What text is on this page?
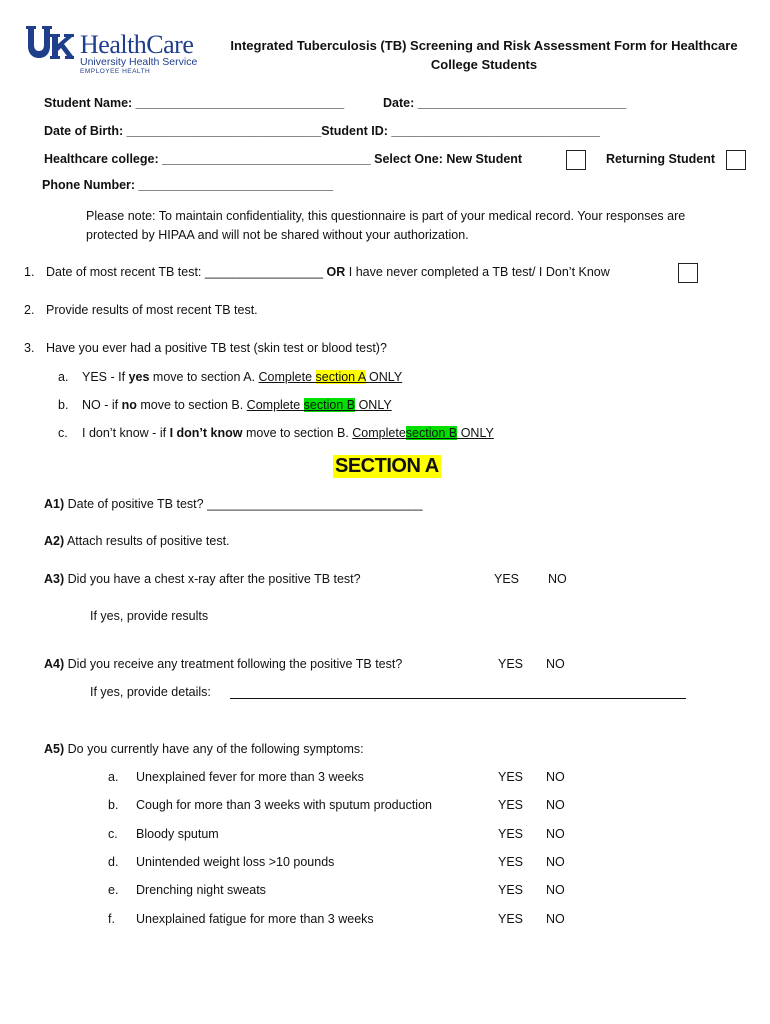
HealthCare
University Health Service
EMPLOYEE HEALTH
Integrated Tuberculosis (TB) Screening and Risk Assessment Form for Healthcare College Students
Student Name: ______________________________	Date: ______________________________
Date of Birth: ____________________________Student ID: ______________________________
Healthcare college: ______________________________ Select One: New Student	Returning Student
Phone Number: ____________________________
Please note: To maintain confidentiality, this questionnaire is part of your medical record. Your responses are protected by HIPAA and will not be shared without your authorization.
1. Date of most recent TB test: _________________ OR I have never completed a TB test/ I Don’t Know
2. Provide results of most recent TB test.
3. Have you ever had a positive TB test (skin test or blood test)?
a. YES - If yes move to section A. Complete section A ONLY
b. NO - if no move to section B. Complete section B ONLY
c. I don’t know - if I don’t know move to section B. Completesection B ONLY
SECTION A
A1) Date of positive TB test? _______________________________
A2) Attach results of positive test.
A3) Did you have a chest x-ray after the positive TB test?	YES NO
If yes, provide results
A4) Did you receive any treatment following the positive TB test?	YES NO
If yes, provide details:
A5) Do you currently have any of the following symptoms:
a. Unexplained fever for more than 3 weeks	YES NO
b. Cough for more than 3 weeks with sputum production	YES NO
c. Bloody sputum	YES NO
d. Unintended weight loss >10 pounds	YES NO
e. Drenching night sweats	YES NO
f. Unexplained fatigue for more than 3 weeks	YES NO
